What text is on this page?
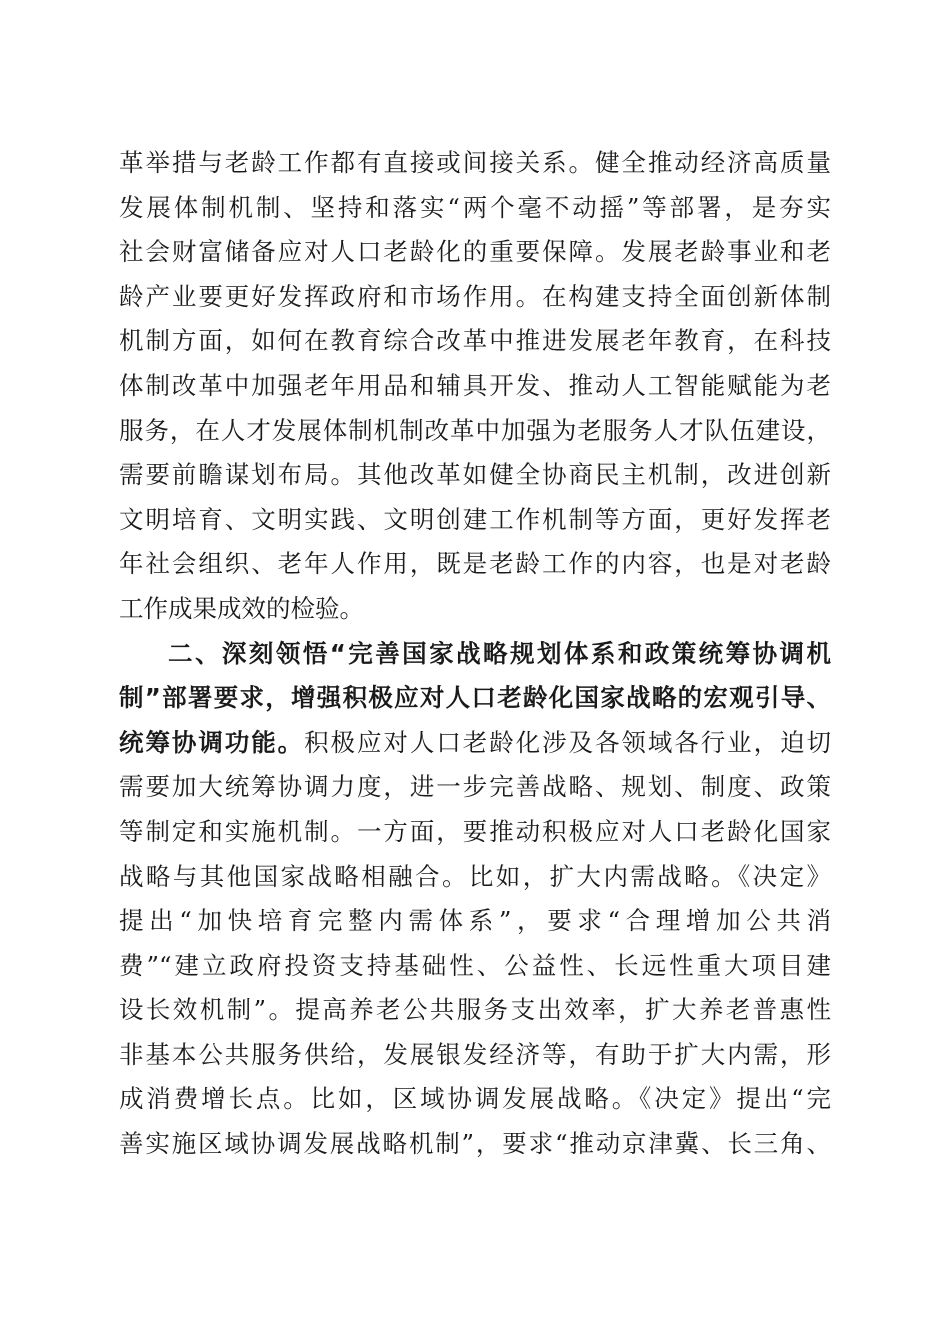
革举措与老龄工作都有直接或间接关系。健全推动经济高质量
发展体制机制、坚持和落实“两个毫不动摇”等部署，是夯实
社会财富储备应对人口老龄化的重要保障。发展老龄事业和老
龄产业要更好发挥政府和市场作用。在构建支持全面创新体制
机制方面，如何在教育综合改革中推进发展老年教育，在科技
体制改革中加强老年用品和辅具开发、推动人工智能赋能为老
服务，在人才发展体制机制改革中加强为老服务人才队伍建设，
需要前瞻谋划布局。其他改革如健全协商民主机制，改进创新
文明培育、文明实践、文明创建工作机制等方面，更好发挥老
年社会组织、老年人作用，既是老龄工作的内容，也是对老龄
工作成果成效的检验。
二、深刻领悟“完善国家战略规划体系和政策统筹协调机
制”部署要求，增强积极应对人口老龄化国家战略的宏观引导、
统筹协调功能。积极应对人口老龄化涉及各领域各行业，迫切
需要加大统筹协调力度，进一步完善战略、规划、制度、政策
等制定和实施机制。一方面，要推动积极应对人口老龄化国家
战略与其他国家战略相融合。比如，扩大内需战略。《决定》
提出“加快培育完整内需体系”，要求“合理增加公共消
费”“建立政府投资支持基础性、公益性、长远性重大项目建
设长效机制”。提高养老公共服务支出效率，扩大养老普惠性
非基本公共服务供给，发展银发经济等，有助于扩大内需，形
成消费增长点。比如，区域协调发展战略。《决定》提出“完
善实施区域协调发展战略机制”，要求“推动京津冀、长三角、
